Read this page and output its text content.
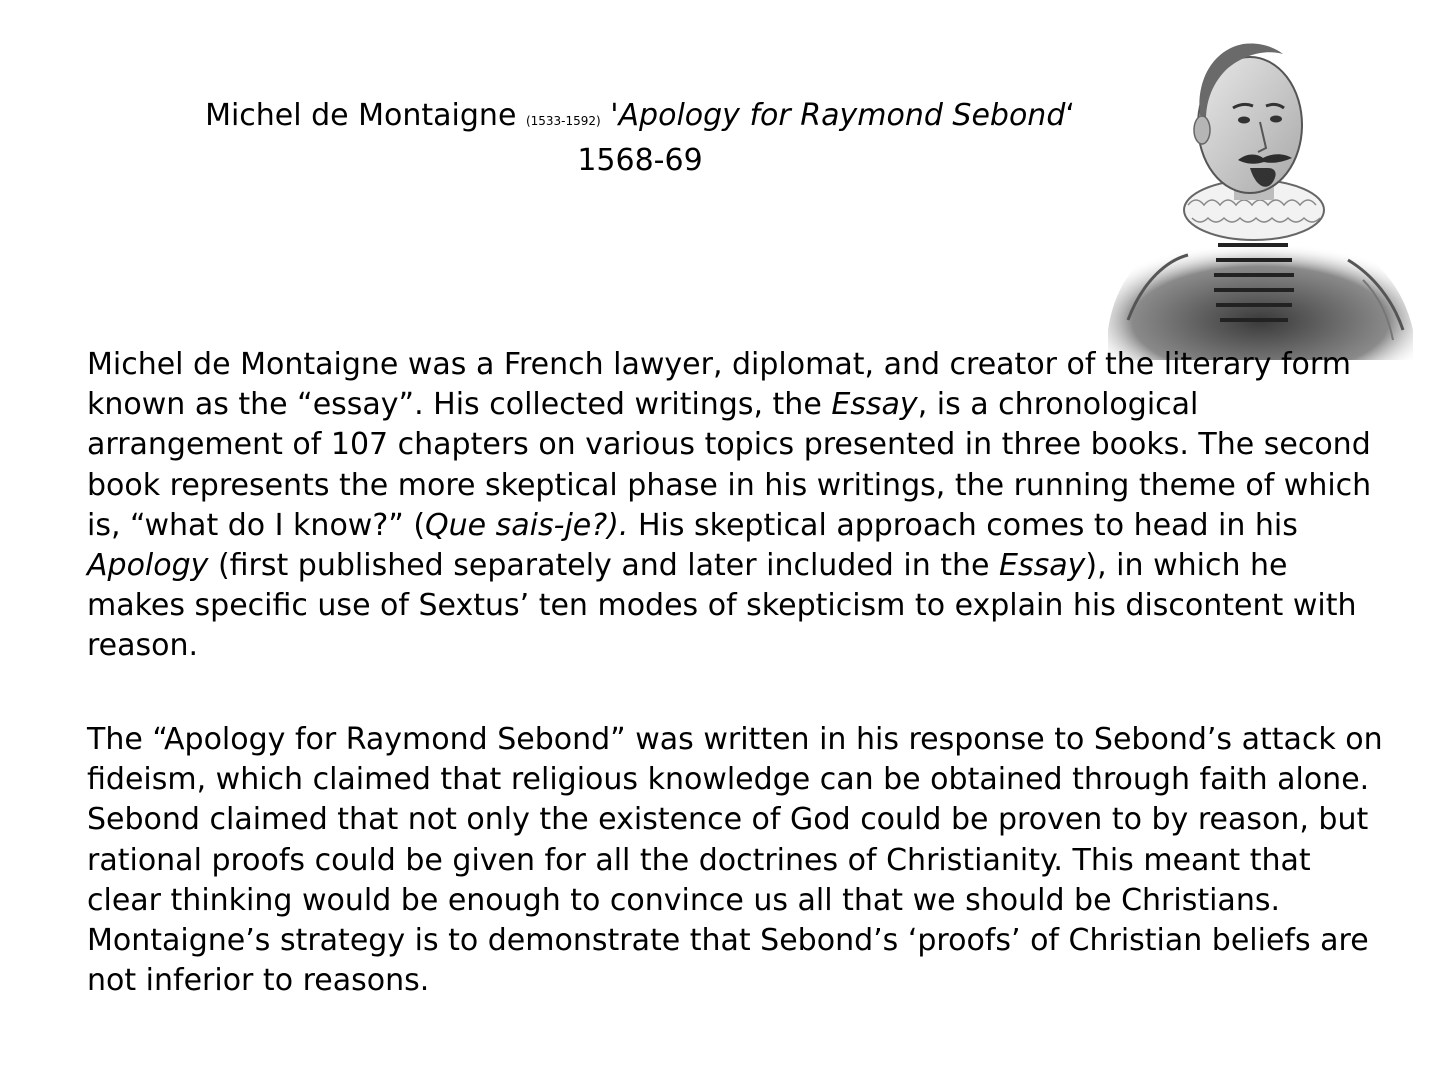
Michel de Montaigne (1533-1592) 'Apology for Raymond Sebond‘
1568-69

Michel de Montaigne was a French lawyer, diplomat, and creator of the literary form known as the “essay”. His collected writings, the Essay, is a chronological arrangement of 107 chapters on various topics presented in three books. The second book represents the more skeptical phase in his writings, the running theme of which is, “what do I know?” (Que sais-je?). His skeptical approach comes to head in his Apology (first published separately and later included in the Essay), in which he makes specific use of Sextus’ ten modes of skepticism to explain his discontent with reason.

The “Apology for Raymond Sebond” was written in his response to Sebond’s attack on fideism, which claimed that religious knowledge can be obtained through faith alone. Sebond claimed that not only the existence of God could be proven to by reason, but rational proofs could be given for all the doctrines of Christianity. This meant that clear thinking would be enough to convince us all that we should be Christians. Montaigne’s strategy is to demonstrate that Sebond’s ‘proofs’ of Christian beliefs are not inferior to reasons.
